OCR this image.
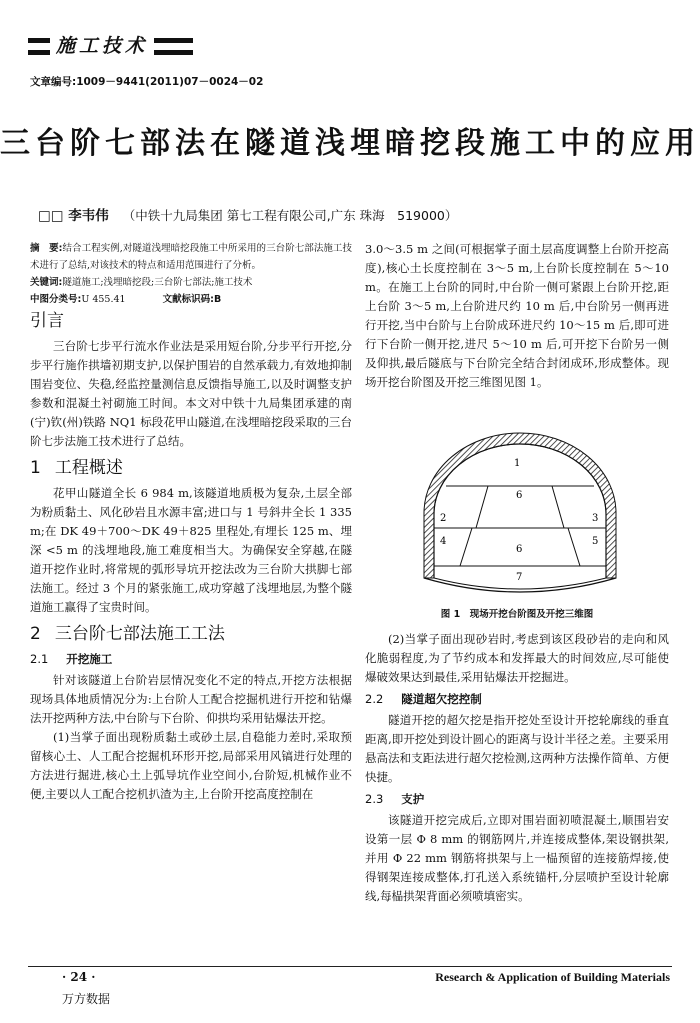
施工技术
文章编号:1009－9441(2011)07－0024－02
三台阶七部法在隧道浅埋暗挖段施工中的应用
□□ 李韦伟 （中铁十九局集团 第七工程有限公司,广东 珠海　519000）
摘　要:结合工程实例,对隧道浅埋暗挖段施工中所采用的三台阶七部法施工技术进行了总结,对该技术的特点和适用范围进行了分析。
关键词:隧道施工;浅埋暗挖段;三台阶七部法;施工技术
中图分类号:U 455.41	文献标识码:B
引言

三台阶七步平行流水作业法是采用短台阶,分步平行开挖,分步平行施作拱墙初期支护,以保护围岩的自然承载力,有效地抑制围岩变位、失稳,经监控量测信息反馈指导施工,以及时调整支护参数和混凝土衬砌施工时间。本文对中铁十九局集团承建的南(宁)钦(州)铁路 NQ1 标段花甲山隧道,在浅埋暗挖段采取的三台阶七步法施工技术进行了总结。

1 工程概述

花甲山隧道全长 6 984 m,该隧道地质极为复杂,土层全部为粉质黏土、风化砂岩且水源丰富;进口与 1 号斜井全长 1 335 m;在 DK 49＋700～DK 49＋825 里程处,有埋长 125 m、埋深 <5 m 的浅埋地段,施工难度相当大。为确保安全穿越,在隧道开挖作业时,将常规的弧形导坑开挖法改为三台阶大拱脚七部法施工。经过 3 个月的紧张施工,成功穿越了浅埋地层,为整个隧道施工赢得了宝贵时间。

2 三台阶七部法施工工法
2.1 开挖施工

针对该隧道上台阶岩层情况变化不定的特点,开挖方法根据现场具体地质情况分为:上台阶人工配合挖掘机进行开挖和钻爆法开挖两种方法,中台阶与下台阶、仰拱均采用钻爆法开挖。

(1)当掌子面出现粉质黏土或砂土层,自稳能力差时,采取预留核心土、人工配合挖掘机环形开挖,局部采用风镐进行处理的方法进行掘进,核心土上弧导坑作业空间小,台阶短,机械作业不便,主要以人工配合挖机扒渣为主,上台阶开挖高度控制在

3.0～3.5 m 之间(可根据掌子面土层高度调整上台阶开挖高度),核心土长度控制在 3～5 m,上台阶长度控制在 5～10 m。在施工上台阶的同时,中台阶一侧可紧跟上台阶开挖,距上台阶 3～5 m,上台阶进尺约 10 m 后,中台阶另一侧再进行开挖,当中台阶与上台阶成环进尺约 10～15 m 后,即可进行下台阶一侧开挖,进尺 5～10 m 后,可开挖下台阶另一侧及仰拱,最后隧底与下台阶完全结合封闭成环,形成整体。现场开挖台阶图及开挖三维图见图 1。

1
2	3
4	5
6
6
7
图 1　现场开挖台阶图及开挖三维图

(2)当掌子面出现砂岩时,考虑到该区段砂岩的走向和风化脆弱程度,为了节约成本和发挥最大的时间效应,尽可能使爆破效果达到最佳,采用钻爆法开挖掘进。

2.2 隧道超欠挖控制

隧道开挖的超欠挖是指开挖处至设计开挖轮廓线的垂直距离,即开挖处到设计圆心的距离与设计半径之差。主要采用悬高法和支距法进行超欠挖检测,这两种方法操作简单、方便快捷。

2.3 支护

该隧道开挖完成后,立即对围岩面初喷混凝土,顺围岩安设第一层 Φ 8 mm 的钢筋网片,并连接成整体,架设钢拱架,并用 Φ 22 mm 钢筋将拱架与上一榀预留的连接筋焊接,使得钢架连接成整体,打孔送入系统锚杆,分层喷护至设计轮廓线,每榀拱架背面必须喷填密实。

· 24 ·	Research & Application of Building Materials
万方数据
